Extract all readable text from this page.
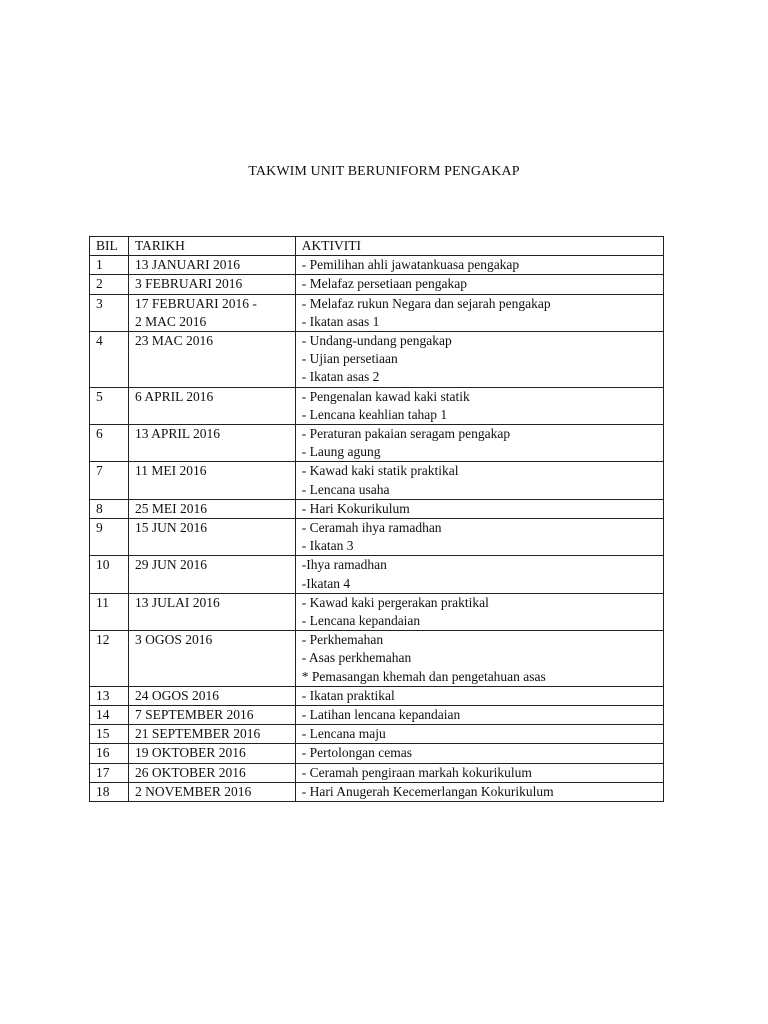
TAKWIM UNIT BERUNIFORM PENGAKAP
BIL	TARIKH	AKTIVITI
1	13 JANUARI 2016	- Pemilihan ahli jawatankuasa pengakap

2	3 FEBRUARI 2016	- Melafaz persetiaan pengakap

3	17 FEBRUARI 2016 -
2 MAC 2016	- Melafaz rukun Negara dan sejarah pengakap
- Ikatan asas 1

4	23 MAC 2016	- Undang-undang pengakap
- Ujian persetiaan
- Ikatan asas 2

5	6 APRIL 2016	- Pengenalan kawad kaki statik
- Lencana keahlian tahap 1

6	13 APRIL 2016	- Peraturan pakaian seragam pengakap
- Laung agung

7	11 MEI 2016	- Kawad kaki statik praktikal
- Lencana usaha

8	25 MEI 2016	- Hari Kokurikulum

9	15 JUN 2016	- Ceramah ihya ramadhan
- Ikatan 3

10	29 JUN 2016	-Ihya ramadhan
-Ikatan 4

11	13 JULAI 2016	- Kawad kaki pergerakan praktikal
- Lencana kepandaian

12	3 OGOS 2016	- Perkhemahan
- Asas perkhemahan
* Pemasangan khemah dan pengetahuan asas

13	24 OGOS 2016	- Ikatan praktikal

14	7 SEPTEMBER 2016	- Latihan lencana kepandaian

15	21 SEPTEMBER 2016	- Lencana maju

16	19 OKTOBER 2016	- Pertolongan cemas

17	26 OKTOBER 2016	- Ceramah pengiraan markah kokurikulum

18	2 NOVEMBER 2016	- Hari Anugerah Kecemerlangan Kokurikulum
